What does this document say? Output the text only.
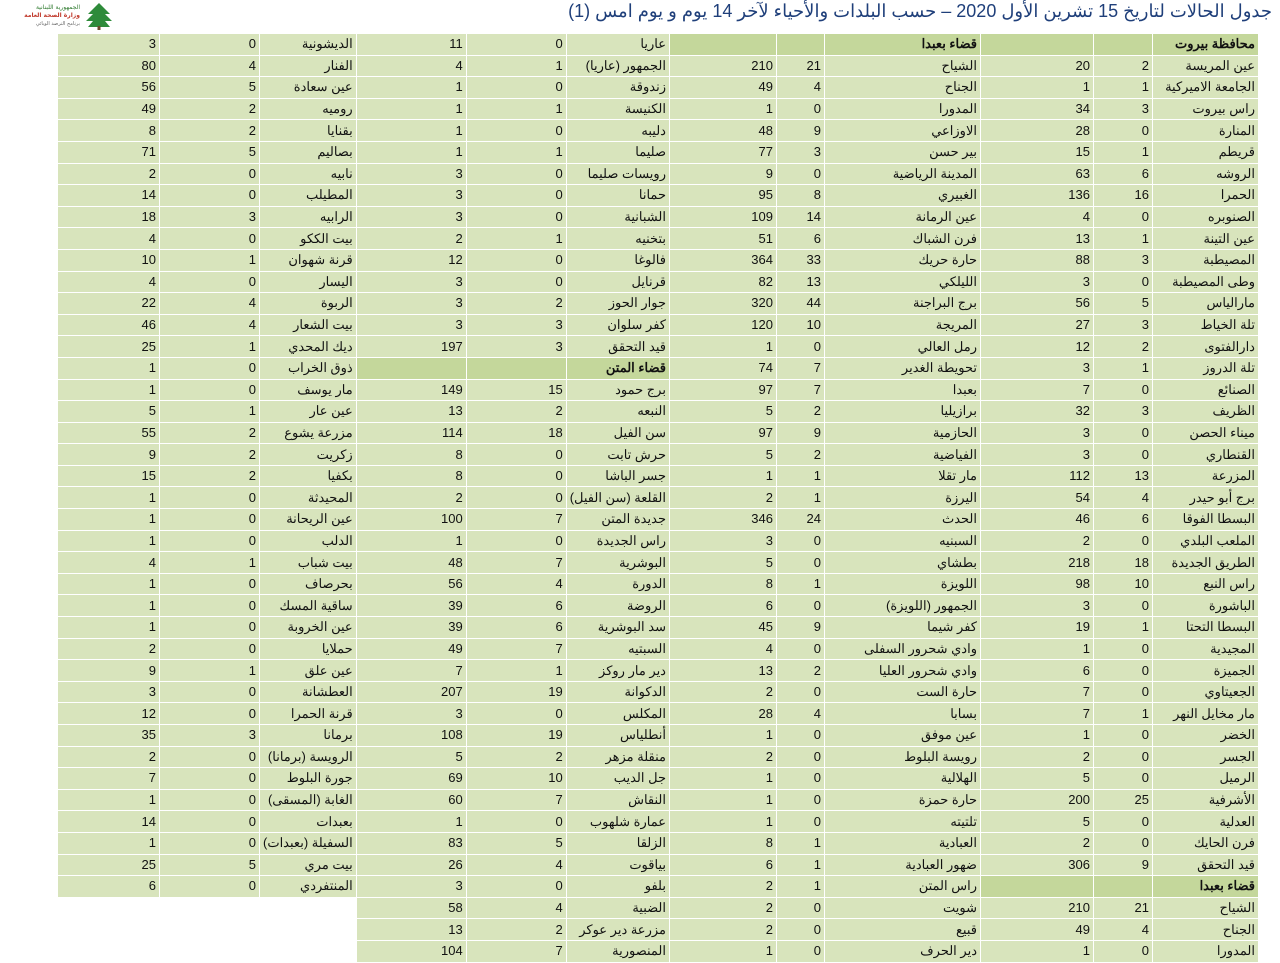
الجمهورية اللبنانية
وزارة الصحة العامة
برنامج الترصد الوبائي
جدول الحالات لتاريخ 15 تشرين الأول 2020 – حسب البلدات والأحياء لآخر 14 يوم و يوم امس (1)
3	0	الديشونية	11	0	عاريا			قضاء بعبدا			محافظة بيروت
80	4	الفنار	4	1	الجمهور (عاريا)	210	21	الشياح	20	2	عين المريسة
56	5	عين سعادة	1	0	زندوقة	49	4	الجناح	1	1	الجامعة الاميركية
49	2	روميه	1	1	الكنيسة	1	0	المدورا	34	3	راس بيروت
8	2	بقنايا	1	0	دليبه	48	9	الاوزاعي	28	0	المنارة
71	5	بصاليم	1	1	صليما	77	3	بير حسن	15	1	قريطم
2	0	نابيه	3	0	رويسات صليما	9	0	المدينة الرياضية	63	6	الروشه
14	0	المطيلب	3	0	حمانا	95	8	الغبيري	136	16	الحمرا
18	3	الرابيه	3	0	الشبانية	109	14	عين الرمانة	4	0	الصنوبره
4	0	بيت الككو	2	1	بتخنيه	51	6	فرن الشباك	13	1	عين التينة
10	1	قرنة شهوان	12	0	فالوغا	364	33	حارة حريك	88	3	المصيطبة
4	0	اليسار	3	0	قرنايل	82	13	الليلكي	3	0	وطى المصيطبة
22	4	الربوة	3	2	جوار الحوز	320	44	برج البراجنة	56	5	مارالياس
46	4	بيت الشعار	3	3	كفر سلوان	120	10	المريجة	27	3	تلة الخياط
25	1	ديك المحدي	197	3	قيد التحقق	1	0	رمل العالي	12	2	دارالفتوى
1	0	ذوق الخراب			قضاء المتن	74	7	تحويطة الغدير	3	1	تلة الدروز
1	0	مار يوسف	149	15	برج حمود	97	7	بعبدا	7	0	الصنائع
5	1	عين عار	13	2	النبعه	5	2	برازيليا	32	3	الظريف
55	2	مزرعة يشوع	114	18	سن الفيل	97	9	الحازمية	3	0	ميناء الحصن
9	2	زكريت	8	0	حرش تابت	5	2	الفياضية	3	0	القنطاري
15	2	بكفيا	8	0	جسر الباشا	1	1	مار تقلا	112	13	المزرعة
1	0	المحيدثة	2	0	القلعة (سن الفيل)	2	1	اليرزة	54	4	برج أبو حيدر
1	0	عين الريحانة	100	7	جديدة المتن	346	24	الحدث	46	6	البسطا الفوقا
1	0	الدلب	1	0	راس الجديدة	3	0	السبنيه	2	0	الملعب البلدي
4	1	بيت شباب	48	7	البوشرية	5	0	بطشاي	218	18	الطريق الجديدة
1	0	بحرصاف	56	4	الدورة	8	1	اللويزة	98	10	راس النبع
1	0	ساقية المسك	39	6	الروضة	6	0	الجمهور (اللويزة)	3	0	الباشورة
1	0	عين الخروبة	39	6	سد البوشرية	45	9	كفر شيما	19	1	البسطا التحتا
2	0	حملايا	49	7	السبتيه	4	0	وادي شحرور السفلى	1	0	المجيدية
9	1	عين علق	7	1	دير مار روكز	13	2	وادي شحرور العليا	6	0	الجميزة
3	0	العطشانة	207	19	الدكوانة	2	0	حارة الست	7	0	الجعيتاوي
12	0	قرنة الحمرا	3	0	المكلس	28	4	بسابا	7	1	مار مخايل النهر
35	3	برمانا	108	19	أنطلياس	1	0	عين موفق	1	0	الخضر
2	0	الرويسة (برمانا)	5	2	منقلة مزهر	2	0	رويسة البلوط	2	0	الجسر
7	0	جورة البلوط	69	10	جل الديب	1	0	الهلالية	5	0	الرميل
1	0	الغابة (المسقى)	60	7	النقاش	1	0	حارة حمزة	200	25	الأشرفية
14	0	بعبدات	1	0	عمارة شلهوب	1	0	تلتيته	5	0	العدلية
1	0	السفيلة (بعبدات)	83	5	الزلقا	8	1	العبادية	2	0	فرن الحايك
25	5	بيت مري	26	4	بياقوت	6	1	ضهور العبادية	306	9	قيد التحقق
6	0	المنتفردي	3	0	بلفو	2	1	راس المتن			قضاء بعبدا
			58	4	الضبية	2	0	شويت	210	21	الشياح
			13	2	مزرعة دير عوكر	2	0	قبيع	49	4	الجناح
			104	7	المنصورية	1	0	دير الحرف	1	0	المدورا
